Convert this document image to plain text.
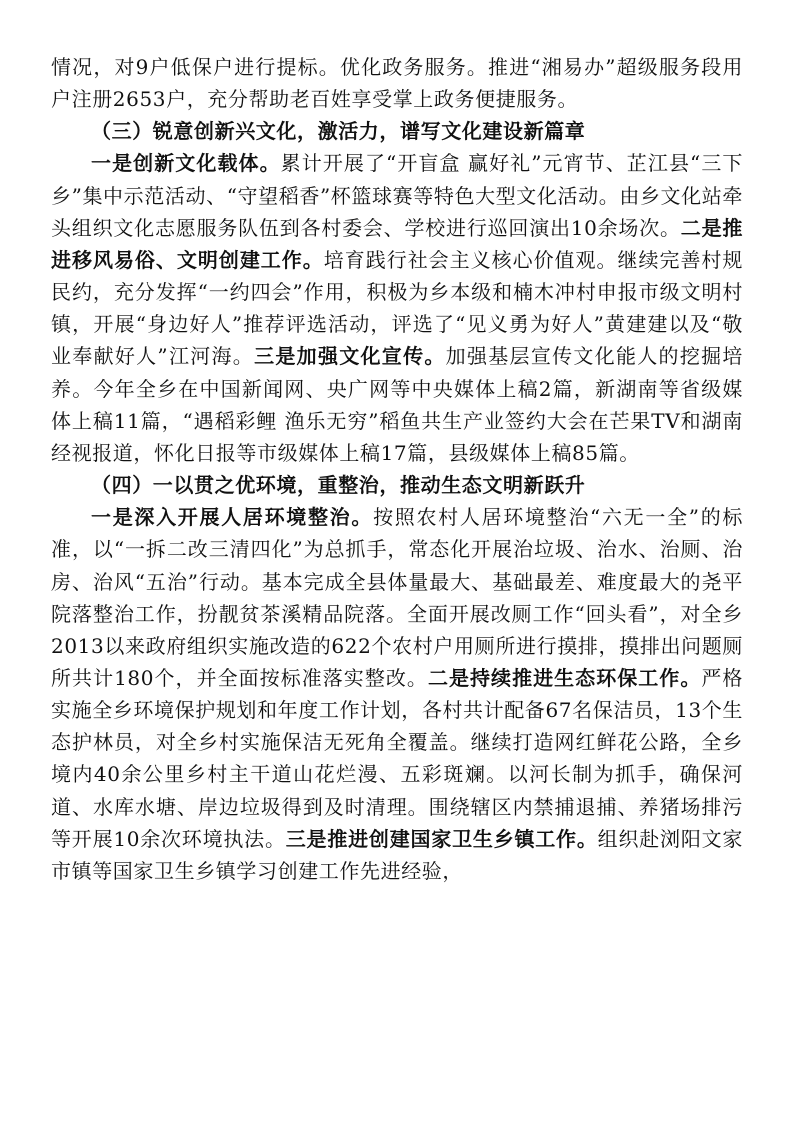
情况，对9户低保户进行提标。优化政务服务。推进“湘易办”超级服务段用户注册2653户，充分帮助老百姓享受掌上政务便捷服务。

（三）锐意创新兴文化，激活力，谱写文化建设新篇章

一是创新文化载体。累计开展了“开盲盒 赢好礼”元宵节、芷江县“三下乡”集中示范活动、“守望稻香”杯篮球赛等特色大型文化活动。由乡文化站牵头组织文化志愿服务队伍到各村委会、学校进行巡回演出10余场次。二是推进移风易俗、文明创建工作。培育践行社会主义核心价值观。继续完善村规民约，充分发挥“一约四会”作用，积极为乡本级和楠木冲村申报市级文明村镇，开展“身边好人”推荐评选活动，评选了“见义勇为好人”黄建建以及“敬业奉献好人”江河海。三是加强文化宣传。加强基层宣传文化能人的挖掘培养。今年全乡在中国新闻网、央广网等中央媒体上稿2篇，新湖南等省级媒体上稿11篇，“遇稻彩鲤 渔乐无穷”稻鱼共生产业签约大会在芒果TV和湖南经视报道，怀化日报等市级媒体上稿17篇，县级媒体上稿85篇。

（四）一以贯之优环境，重整治，推动生态文明新跃升

一是深入开展人居环境整治。按照农村人居环境整治“六无一全”的标准，以“一拆二改三清四化”为总抓手，常态化开展治垃圾、治水、治厕、治房、治风“五治”行动。基本完成全县体量最大、基础最差、难度最大的尧平院落整治工作，扮靓贫茶溪精品院落。全面开展改厕工作“回头看”，对全乡2013以来政府组织实施改造的622个农村户用厕所进行摸排，摸排出问题厕所共计180个，并全面按标准落实整改。二是持续推进生态环保工作。严格实施全乡环境保护规划和年度工作计划，各村共计配备67名保洁员，13个生态护林员，对全乡村实施保洁无死角全覆盖。继续打造网红鲜花公路，全乡境内40余公里乡村主干道山花烂漫、五彩斑斓。以河长制为抓手，确保河道、水库水塘、岸边垃圾得到及时清理。围绕辖区内禁捕退捕、养猪场排污等开展10余次环境执法。三是推进创建国家卫生乡镇工作。组织赴浏阳文家市镇等国家卫生乡镇学习创建工作先进经验，
